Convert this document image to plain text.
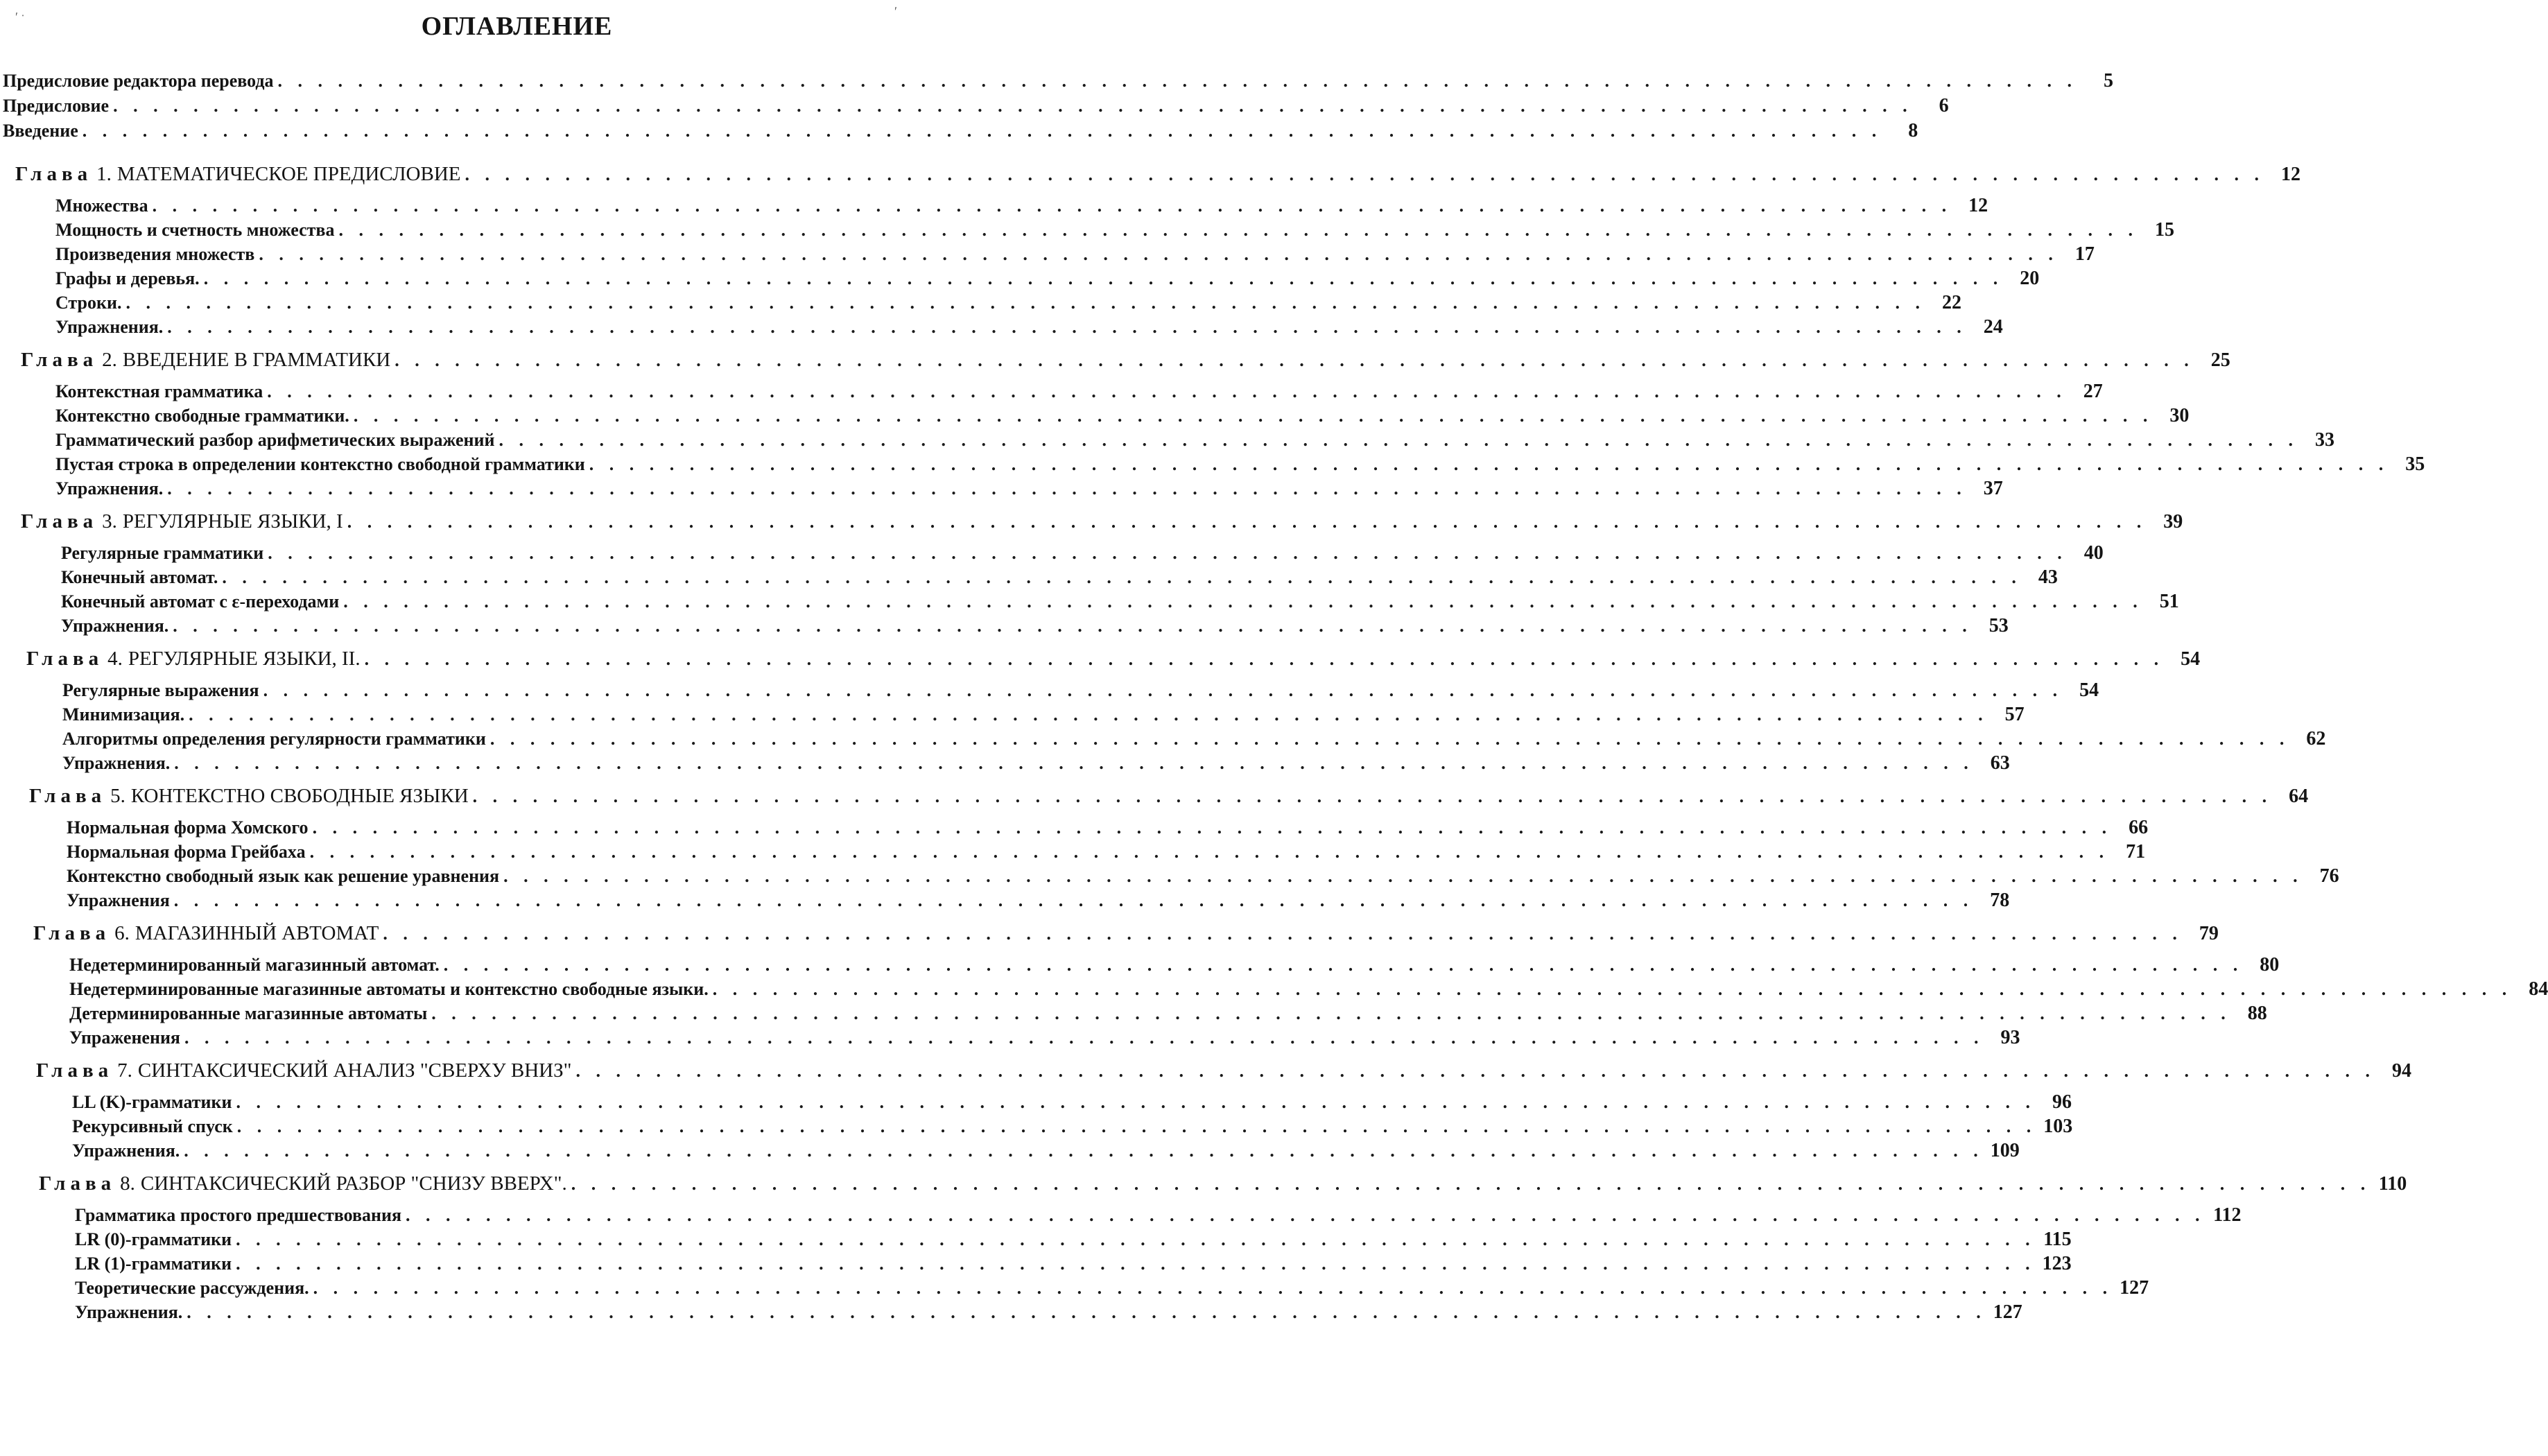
ОГЛАВЛЕНИЕ
Предисловие редактора перевода . . . . . . . . . . . . . . . . . . . . . . . . . . . . . . . . . . . . . . . . . . . . . . . . . . . . . . . . . . . . . . . . . . . . . . . . . . . . . . . . . . . . . . . . . .	5
Предисловие . . . . . . . . . . . . . . . . . . . . . . . . . . . . . . . . . . . . . . . . . . . . . . . . . . . . . . . . . . . . . . . . . . . . . . . . . . . . . . . . . . . . . . . . . .	6
Введение . . . . . . . . . . . . . . . . . . . . . . . . . . . . . . . . . . . . . . . . . . . . . . . . . . . . . . . . . . . . . . . . . . . . . . . . . . . . . . . . . . . . . . . . . .	8
Глава 1. МАТЕМАТИЧЕСКОЕ ПРЕДИСЛОВИЕ . . . . . . . . . . . . . . . . . . . . . . . . . . . . . . . . . . . . . . . . . . . . . . . . . . . . . . . . . . . . . . . . . . . . . . . . . . . . . . . . . . . . . . . . . . 12
Множества . . . . . . . . . . . . . . . . . . . . . . . . . . . . . . . . . . . . . . . . . . . . . . . . . . . . . . . . . . . . . . . . . . . . . . . . . . . . . . . . . . . . . . . . . . 12
Мощность и счетность множества . . . . . . . . . . . . . . . . . . . . . . . . . . . . . . . . . . . . . . . . . . . . . . . . . . . . . . . . . . . . . . . . . . . . . . . . . . . . . . . . . . . . . . . . . . 15
Произведения множеств . . . . . . . . . . . . . . . . . . . . . . . . . . . . . . . . . . . . . . . . . . . . . . . . . . . . . . . . . . . . . . . . . . . . . . . . . . . . . . . . . . . . . . . . . . 17
Графы и деревья. . . . . . . . . . . . . . . . . . . . . . . . . . . . . . . . . . . . . . . . . . . . . . . . . . . . . . . . . . . . . . . . . . . . . . . . . . . . . . . . . . . . . . . . . . . 20
Строки. . . . . . . . . . . . . . . . . . . . . . . . . . . . . . . . . . . . . . . . . . . . . . . . . . . . . . . . . . . . . . . . . . . . . . . . . . . . . . . . . . . . . . . . . . . 22
Упражнения. . . . . . . . . . . . . . . . . . . . . . . . . . . . . . . . . . . . . . . . . . . . . . . . . . . . . . . . . . . . . . . . . . . . . . . . . . . . . . . . . . . . . . . . . . . 24
Глава 2. ВВЕДЕНИЕ В ГРАММАТИКИ . . . . . . . . . . . . . . . . . . . . . . . . . . . . . . . . . . . . . . . . . . . . . . . . . . . . . . . . . . . . . . . . . . . . . . . . . . . . . . . . . . . . . . . . . . 25
Контекстная грамматика . . . . . . . . . . . . . . . . . . . . . . . . . . . . . . . . . . . . . . . . . . . . . . . . . . . . . . . . . . . . . . . . . . . . . . . . . . . . . . . . . . . . . . . . . . 27
Контекстно свободные грамматики. . . . . . . . . . . . . . . . . . . . . . . . . . . . . . . . . . . . . . . . . . . . . . . . . . . . . . . . . . . . . . . . . . . . . . . . . . . . . . . . . . . . . . . . . . . 30
Грамматический разбор арифметических выражений . . . . . . . . . . . . . . . . . . . . . . . . . . . . . . . . . . . . . . . . . . . . . . . . . . . . . . . . . . . . . . . . . . . . . . . . . . . . . . . . . . . . . . . . . . 33
Пустая строка в определении контекстно свободной грамматики . . . . . . . . . . . . . . . . . . . . . . . . . . . . . . . . . . . . . . . . . . . . . . . . . . . . . . . . . . . . . . . . . . . . . . . . . . . . . . . . . . . . . . . . . . 35
Упражнения. . . . . . . . . . . . . . . . . . . . . . . . . . . . . . . . . . . . . . . . . . . . . . . . . . . . . . . . . . . . . . . . . . . . . . . . . . . . . . . . . . . . . . . . . . . 37
Глава 3. РЕГУЛЯРНЫЕ ЯЗЫКИ, I . . . . . . . . . . . . . . . . . . . . . . . . . . . . . . . . . . . . . . . . . . . . . . . . . . . . . . . . . . . . . . . . . . . . . . . . . . . . . . . . . . . . . . . . . . 39
Регулярные грамматики . . . . . . . . . . . . . . . . . . . . . . . . . . . . . . . . . . . . . . . . . . . . . . . . . . . . . . . . . . . . . . . . . . . . . . . . . . . . . . . . . . . . . . . . . . 40
Конечный автомат. . . . . . . . . . . . . . . . . . . . . . . . . . . . . . . . . . . . . . . . . . . . . . . . . . . . . . . . . . . . . . . . . . . . . . . . . . . . . . . . . . . . . . . . . . . 43
Конечный автомат с ε-переходами . . . . . . . . . . . . . . . . . . . . . . . . . . . . . . . . . . . . . . . . . . . . . . . . . . . . . . . . . . . . . . . . . . . . . . . . . . . . . . . . . . . . . . . . . . 51
Упражнения. . . . . . . . . . . . . . . . . . . . . . . . . . . . . . . . . . . . . . . . . . . . . . . . . . . . . . . . . . . . . . . . . . . . . . . . . . . . . . . . . . . . . . . . . . . 53
Глава 4. РЕГУЛЯРНЫЕ ЯЗЫКИ, II. . . . . . . . . . . . . . . . . . . . . . . . . . . . . . . . . . . . . . . . . . . . . . . . . . . . . . . . . . . . . . . . . . . . . . . . . . . . . . . . . . . . . . . . . . . 54
Регулярные выражения . . . . . . . . . . . . . . . . . . . . . . . . . . . . . . . . . . . . . . . . . . . . . . . . . . . . . . . . . . . . . . . . . . . . . . . . . . . . . . . . . . . . . . . . . . 54
Минимизация. . . . . . . . . . . . . . . . . . . . . . . . . . . . . . . . . . . . . . . . . . . . . . . . . . . . . . . . . . . . . . . . . . . . . . . . . . . . . . . . . . . . . . . . . . . 57
Алгоритмы определения регулярности грамматики . . . . . . . . . . . . . . . . . . . . . . . . . . . . . . . . . . . . . . . . . . . . . . . . . . . . . . . . . . . . . . . . . . . . . . . . . . . . . . . . . . . . . . . . . . 62
Упражнения. . . . . . . . . . . . . . . . . . . . . . . . . . . . . . . . . . . . . . . . . . . . . . . . . . . . . . . . . . . . . . . . . . . . . . . . . . . . . . . . . . . . . . . . . . . 63
Глава 5. КОНТЕКСТНО СВОБОДНЫЕ ЯЗЫКИ . . . . . . . . . . . . . . . . . . . . . . . . . . . . . . . . . . . . . . . . . . . . . . . . . . . . . . . . . . . . . . . . . . . . . . . . . . . . . . . . . . . . . . . . . . 64
Нормальная форма Хомского . . . . . . . . . . . . . . . . . . . . . . . . . . . . . . . . . . . . . . . . . . . . . . . . . . . . . . . . . . . . . . . . . . . . . . . . . . . . . . . . . . . . . . . . . . 66
Нормальная форма Грейбаха . . . . . . . . . . . . . . . . . . . . . . . . . . . . . . . . . . . . . . . . . . . . . . . . . . . . . . . . . . . . . . . . . . . . . . . . . . . . . . . . . . . . . . . . . . 71
Контекстно свободный язык как решение уравнения . . . . . . . . . . . . . . . . . . . . . . . . . . . . . . . . . . . . . . . . . . . . . . . . . . . . . . . . . . . . . . . . . . . . . . . . . . . . . . . . . . . . . . . . . . 76
Упражнения . . . . . . . . . . . . . . . . . . . . . . . . . . . . . . . . . . . . . . . . . . . . . . . . . . . . . . . . . . . . . . . . . . . . . . . . . . . . . . . . . . . . . . . . . . 78
Глава 6. МАГАЗИННЫЙ АВТОМАТ . . . . . . . . . . . . . . . . . . . . . . . . . . . . . . . . . . . . . . . . . . . . . . . . . . . . . . . . . . . . . . . . . . . . . . . . . . . . . . . . . . . . . . . . . . 79
Недетерминированный магазинный автомат. . . . . . . . . . . . . . . . . . . . . . . . . . . . . . . . . . . . . . . . . . . . . . . . . . . . . . . . . . . . . . . . . . . . . . . . . . . . . . . . . . . . . . . . . . . 80
Недетерминированные магазинные автоматы и контекстно свободные языки. . . . . . . . . . . . . . . . . . . . . . . . . . . . . . . . . . . . . . . . . . . . . . . . . . . . . . . . . . . . . . . . . . . . . . . . . . . . . . . . . . . . . . . . . . . 84
Детерминированные магазинные автоматы . . . . . . . . . . . . . . . . . . . . . . . . . . . . . . . . . . . . . . . . . . . . . . . . . . . . . . . . . . . . . . . . . . . . . . . . . . . . . . . . . . . . . . . . . . 88
Упраженения . . . . . . . . . . . . . . . . . . . . . . . . . . . . . . . . . . . . . . . . . . . . . . . . . . . . . . . . . . . . . . . . . . . . . . . . . . . . . . . . . . . . . . . . . . 93
Глава 7. СИНТАКСИЧЕСКИЙ АНАЛИЗ "СВЕРХУ ВНИЗ" . . . . . . . . . . . . . . . . . . . . . . . . . . . . . . . . . . . . . . . . . . . . . . . . . . . . . . . . . . . . . . . . . . . . . . . . . . . . . . . . . . . . . . . . . . 94
LL (K)-грамматики . . . . . . . . . . . . . . . . . . . . . . . . . . . . . . . . . . . . . . . . . . . . . . . . . . . . . . . . . . . . . . . . . . . . . . . . . . . . . . . . . . . . . . . . . . 96
Рекурсивный спуск . . . . . . . . . . . . . . . . . . . . . . . . . . . . . . . . . . . . . . . . . . . . . . . . . . . . . . . . . . . . . . . . . . . . . . . . . . . . . . . . . . . . . . . . . . 103
Упражнения. . . . . . . . . . . . . . . . . . . . . . . . . . . . . . . . . . . . . . . . . . . . . . . . . . . . . . . . . . . . . . . . . . . . . . . . . . . . . . . . . . . . . . . . . . . 109
Глава 8. СИНТАКСИЧЕСКИЙ РАЗБОР "СНИЗУ ВВЕРХ". . . . . . . . . . . . . . . . . . . . . . . . . . . . . . . . . . . . . . . . . . . . . . . . . . . . . . . . . . . . . . . . . . . . . . . . . . . . . . . . . . . . . . . . . . . 110
Грамматика простого предшествования . . . . . . . . . . . . . . . . . . . . . . . . . . . . . . . . . . . . . . . . . . . . . . . . . . . . . . . . . . . . . . . . . . . . . . . . . . . . . . . . . . . . . . . . . . 112
LR (0)-грамматики . . . . . . . . . . . . . . . . . . . . . . . . . . . . . . . . . . . . . . . . . . . . . . . . . . . . . . . . . . . . . . . . . . . . . . . . . . . . . . . . . . . . . . . . . . 115
LR (1)-грамматики . . . . . . . . . . . . . . . . . . . . . . . . . . . . . . . . . . . . . . . . . . . . . . . . . . . . . . . . . . . . . . . . . . . . . . . . . . . . . . . . . . . . . . . . . . 123
Теоретические рассуждения. . . . . . . . . . . . . . . . . . . . . . . . . . . . . . . . . . . . . . . . . . . . . . . . . . . . . . . . . . . . . . . . . . . . . . . . . . . . . . . . . . . . . . . . . . . 127
Упражнения. . . . . . . . . . . . . . . . . . . . . . . . . . . . . . . . . . . . . . . . . . . . . . . . . . . . . . . . . . . . . . . . . . . . . . . . . . . . . . . . . . . . . . . . . . . 127
ʹ ˑ	ʹ
